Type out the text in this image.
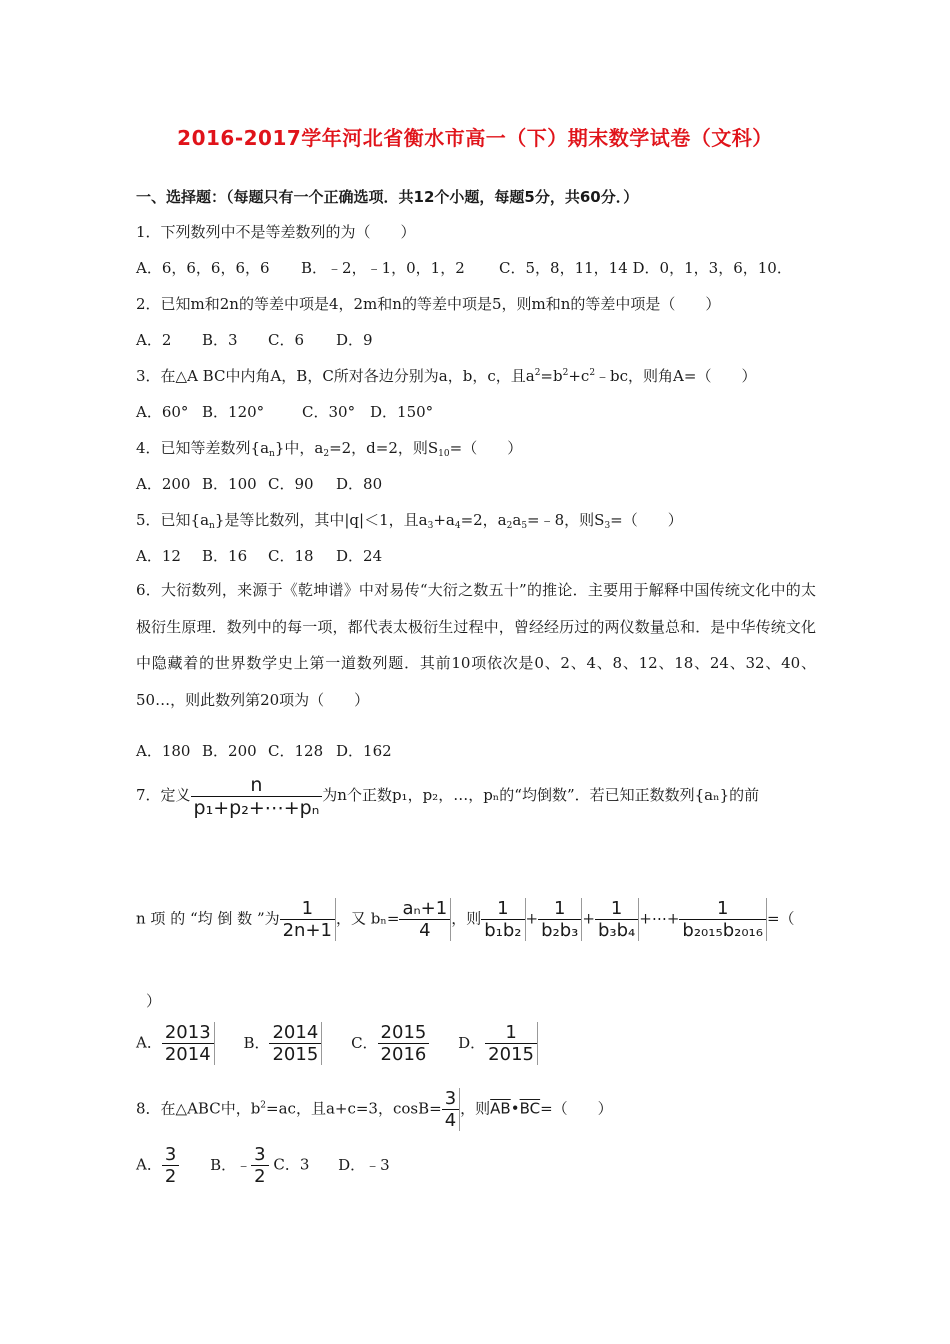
2016-2017学年河北省衡水市高一（下）期末数学试卷（文科）
一、选择题：（每题只有一个正确选项．共12个小题，每题5分，共60分．）
1．下列数列中不是等差数列的为（　　）
A．6，6，6，6，6 B．﹣2，﹣1，0，1，2 C．5，8，11，14 D．0，1，3，6，10．
2．已知m和2n的等差中项是4，2m和n的等差中项是5，则m和n的等差中项是（　　）
A．2 B．3 C．6 D．9
3．在△A BC中内角A，B，C所对各边分别为a，b，c，且$a^2=b^2+c^2﹣bc$，则角A=（　　）
A．60° B．120°	C．30° D．150°
4．已知等差数列$\{a_n\}$中，$a_2=2$，d=2，则$S_{10}=$（　　）
A．200 B．100 C．90 D．80
5．已知$\{a_n\}$是等比数列，其中|q|＜1，且$a_3+a_4=2$，$a_2a_5=﹣8$，则$S_3=$（　　）
A．12 B．16 C．18 D．24
6．大衍数列，来源于《乾坤谱》中对易传“大衍之数五十”的推论．主要用于解释中国传统文化中的太极衍生原理．数列中的每一项，都代表太极衍生过程中，曾经经历过的两仪数量总和．是中华传统文化中隐藏着的世界数学史上第一道数列题．其前10项依次是0、2、4、8、12、18、24、32、40、50…，则此数列第20项为（　　）
A．180 B．200 C．128 D．162
7．定义 $\frac{n}{\text{p₁+p₂+⋯+pₙ}}$ 为n个正数p₁，p₂，…，pₙ的“均倒数”．若已知正数数列{aₙ}的前
n 项 的 “均 倒 数 ”为 $\frac{1}{2n+1}$ ，又 $b_n= \frac{\text{aₙ+1}}{4}$ ，则 $\frac{1}{\text{b₁b₂}} + \frac{1}{\text{b₂b₃}} + \frac{1}{\text{b₃b₄}}$ +⋯+ $\frac{1}{\text{b₂₀₁₅b₂₀₁₆}}$ =（
）
A． $\frac{2013}{2014}$ B． $\frac{2014}{2015}$ C． $\frac{2015}{2016}$ D． $\frac{1}{2015}$
8．在△ABC中，$b^2=ac$，且a+c=3，$\cos B= \frac{3}{4}$ ，则$\overline{AB}•\overline{BC}=$（　　）
A． $\frac{3}{2}$ B．﹣ $\frac{3}{2}$ C．3 D．﹣3
